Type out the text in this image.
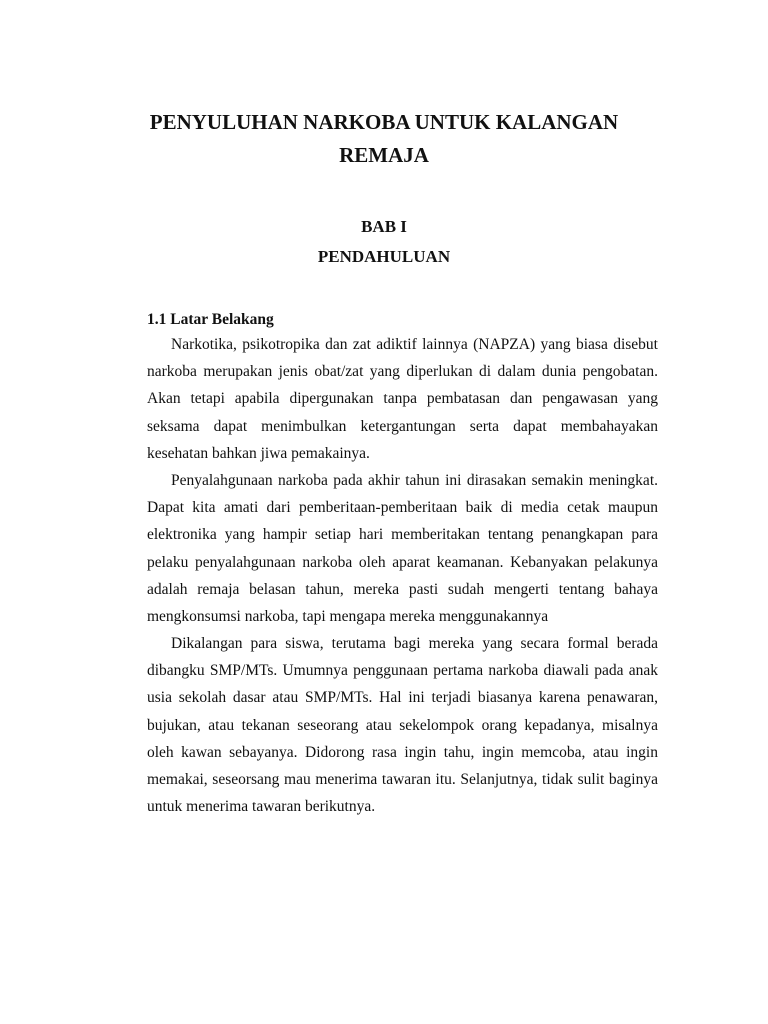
PENYULUHAN NARKOBA UNTUK KALANGAN
REMAJA
BAB I
PENDAHULUAN
1.1 Latar Belakang
Narkotika, psikotropika dan zat adiktif lainnya (NAPZA) yang biasa disebut
narkoba merupakan jenis obat/zat yang diperlukan di dalam dunia pengobatan.
Akan tetapi apabila dipergunakan tanpa pembatasan dan pengawasan yang
seksama dapat menimbulkan ketergantungan serta dapat membahayakan
kesehatan bahkan jiwa pemakainya.
Penyalahgunaan narkoba pada akhir tahun ini dirasakan semakin meningkat.
Dapat kita amati dari pemberitaan-pemberitaan baik di media cetak maupun
elektronika yang hampir setiap hari memberitakan tentang penangkapan para
pelaku penyalahgunaan narkoba oleh aparat keamanan. Kebanyakan pelakunya
adalah remaja belasan tahun, mereka pasti sudah mengerti tentang bahaya
mengkonsumsi narkoba, tapi mengapa mereka menggunakannya
Dikalangan para siswa, terutama bagi mereka yang secara formal berada
dibangku SMP/MTs. Umumnya penggunaan pertama narkoba diawali pada anak
usia sekolah dasar atau SMP/MTs. Hal ini terjadi biasanya karena penawaran,
bujukan, atau tekanan seseorang atau sekelompok orang kepadanya, misalnya
oleh kawan sebayanya. Didorong rasa ingin tahu, ingin memcoba, atau ingin
memakai, seseorsang mau menerima tawaran itu. Selanjutnya, tidak sulit baginya
untuk menerima tawaran berikutnya.
